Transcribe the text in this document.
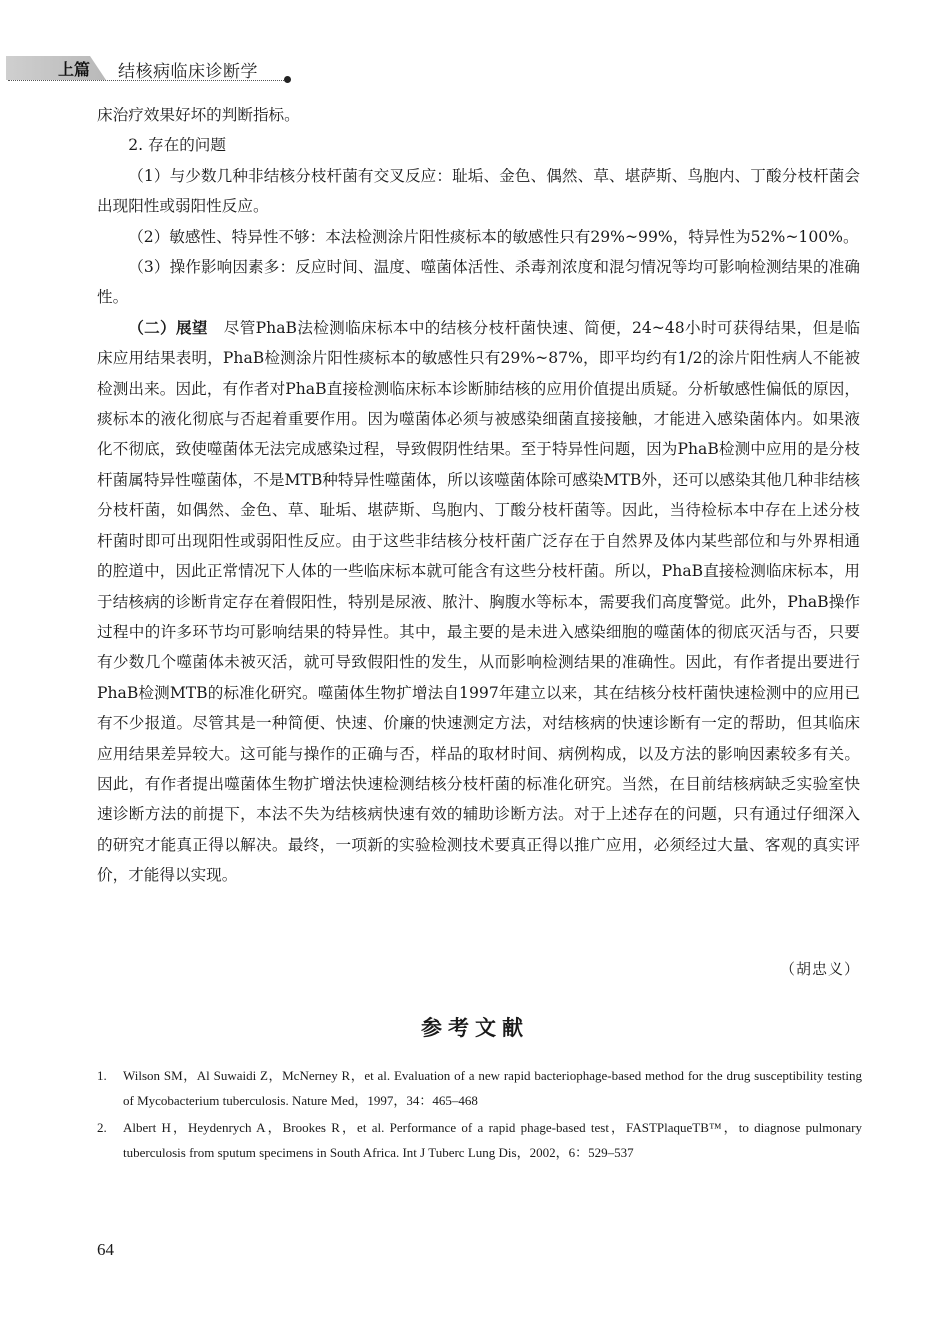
上篇 结核病临床诊断学

床治疗效果好坏的判断指标。

2. 存在的问题

（1）与少数几种非结核分枝杆菌有交叉反应：耻垢、金色、偶然、草、堪萨斯、鸟胞内、丁酸分枝杆菌会出现阳性或弱阳性反应。

（2）敏感性、特异性不够：本法检测涂片阳性痰标本的敏感性只有29%~99%，特异性为52%~100%。

（3）操作影响因素多：反应时间、温度、噬菌体活性、杀毒剂浓度和混匀情况等均可影响检测结果的准确性。

（二）展望　尽管PhaB法检测临床标本中的结核分枝杆菌快速、简便，24~48小时可获得结果，但是临床应用结果表明，PhaB检测涂片阳性痰标本的敏感性只有29%~87%，即平均约有1/2的涂片阳性病人不能被检测出来。因此，有作者对PhaB直接检测临床标本诊断肺结核的应用价值提出质疑。分析敏感性偏低的原因，痰标本的液化彻底与否起着重要作用。因为噬菌体必须与被感染细菌直接接触，才能进入感染菌体内。如果液化不彻底，致使噬菌体无法完成感染过程，导致假阴性结果。至于特异性问题，因为PhaB检测中应用的是分枝杆菌属特异性噬菌体，不是MTB种特异性噬菌体，所以该噬菌体除可感染MTB外，还可以感染其他几种非结核分枝杆菌，如偶然、金色、草、耻垢、堪萨斯、鸟胞内、丁酸分枝杆菌等。因此，当待检标本中存在上述分枝杆菌时即可出现阳性或弱阳性反应。由于这些非结核分枝杆菌广泛存在于自然界及体内某些部位和与外界相通的腔道中，因此正常情况下人体的一些临床标本就可能含有这些分枝杆菌。所以，PhaB直接检测临床标本，用于结核病的诊断肯定存在着假阳性，特别是尿液、脓汁、胸腹水等标本，需要我们高度警觉。此外，PhaB操作过程中的许多环节均可影响结果的特异性。其中，最主要的是未进入感染细胞的噬菌体的彻底灭活与否，只要有少数几个噬菌体未被灭活，就可导致假阳性的发生，从而影响检测结果的准确性。因此，有作者提出要进行PhaB检测MTB的标准化研究。噬菌体生物扩增法自1997年建立以来，其在结核分枝杆菌快速检测中的应用已有不少报道。尽管其是一种简便、快速、价廉的快速测定方法，对结核病的快速诊断有一定的帮助，但其临床应用结果差异较大。这可能与操作的正确与否，样品的取材时间、病例构成，以及方法的影响因素较多有关。因此，有作者提出噬菌体生物扩增法快速检测结核分枝杆菌的标准化研究。当然，在目前结核病缺乏实验室快速诊断方法的前提下，本法不失为结核病快速有效的辅助诊断方法。对于上述存在的问题，只有通过仔细深入的研究才能真正得以解决。最终，一项新的实验检测技术要真正得以推广应用，必须经过大量、客观的真实评价，才能得以实现。

（胡忠义）
参考文献
1.	Wilson SM，Al Suwaidi Z，McNerney R，et al. Evaluation of a new rapid bacteriophage-based method for the drug susceptibility testing of Mycobacterium tuberculosis. Nature Med，1997，34：465–468
2.	Albert H，Heydenrych A，Brookes R，et al. Performance of a rapid phage-based test，FASTPlaqueTB™，to diagnose pulmonary tuberculosis from sputum specimens in South Africa. Int J Tuberc Lung Dis，2002，6：529–537
64
